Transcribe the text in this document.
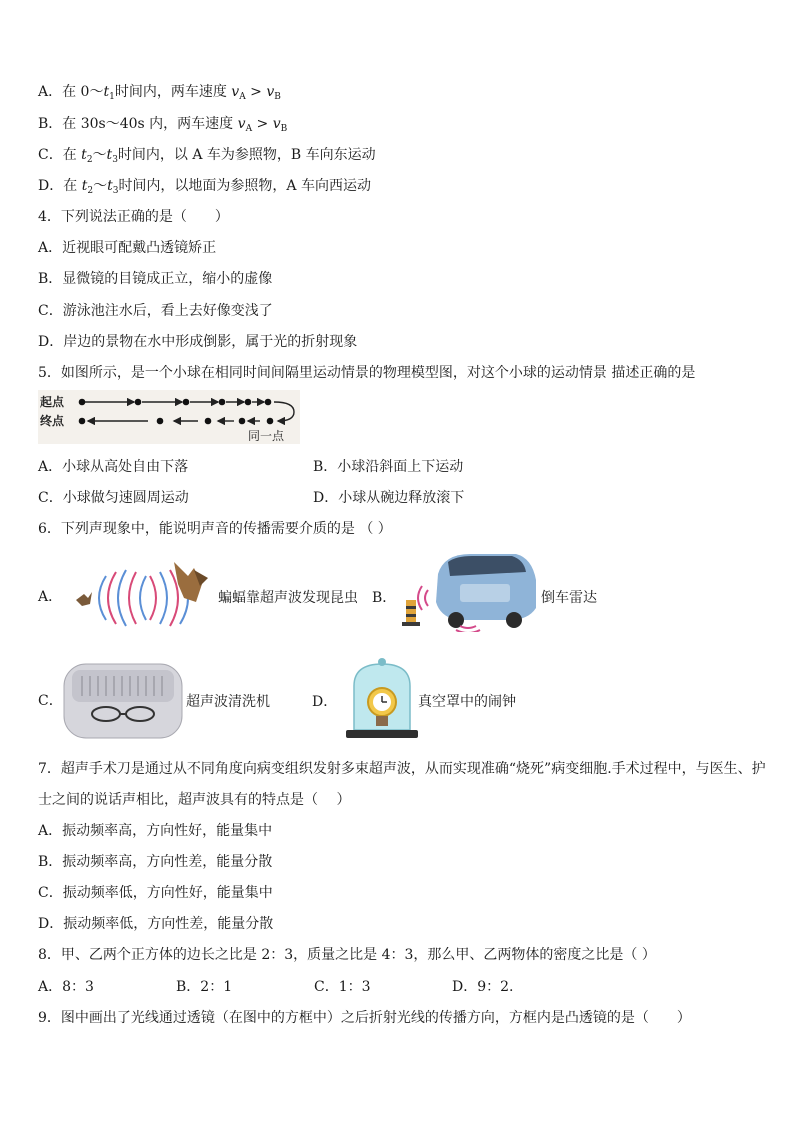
A．在 $0\sim t_1$时间内，两车速度 $v_A > v_B$
B．在 30s～40s 内，两车速度 $v_A > v_B$
C．在 $t_2\sim t_3$时间内，以 A 车为参照物，B 车向东运动
D．在 $t_2\sim t_3$时间内，以地面为参照物，A 车向西运动
4．下列说法正确的是（　　）
A．近视眼可配戴凸透镜矫正
B．显微镜的目镜成正立，缩小的虚像
C．游泳池注水后，看上去好像变浅了
D．岸边的景物在水中形成倒影，属于光的折射现象
5．如图所示，是一个小球在相同时间间隔里运动情景的物理模型图，对这个小球的运动情景 描述正确的是
起点
终点
同一点
A．小球从高处自由下落	B．小球沿斜面上下运动
C．小球做匀速圆周运动	D．小球从碗边释放滚下
6．下列声现象中，能说明声音的传播需要介质的是 （ ）
A．	蝙蝠靠超声波发现昆虫 B．	倒车雷达
C．	超声波清洗机	D．	真空罩中的闹钟
7．超声手术刀是通过从不同角度向病变组织发射多束超声波，从而实现准确“烧死”病变细胞.手术过程中，与医生、护
士之间的说话声相比，超声波具有的特点是（　 ）
A．振动频率高，方向性好，能量集中
B．振动频率高，方向性差，能量分散
C．振动频率低，方向性好，能量集中
D．振动频率低，方向性差，能量分散
8．甲、乙两个正方体的边长之比是 2：3，质量之比是 4：3，那么甲、乙两物体的密度之比是（ ）
A．8：3	B．2：1	C．1：3	D．9：2.
9．图中画出了光线通过透镜（在图中的方框中）之后折射光线的传播方向，方框内是凸透镜的是（　　）
